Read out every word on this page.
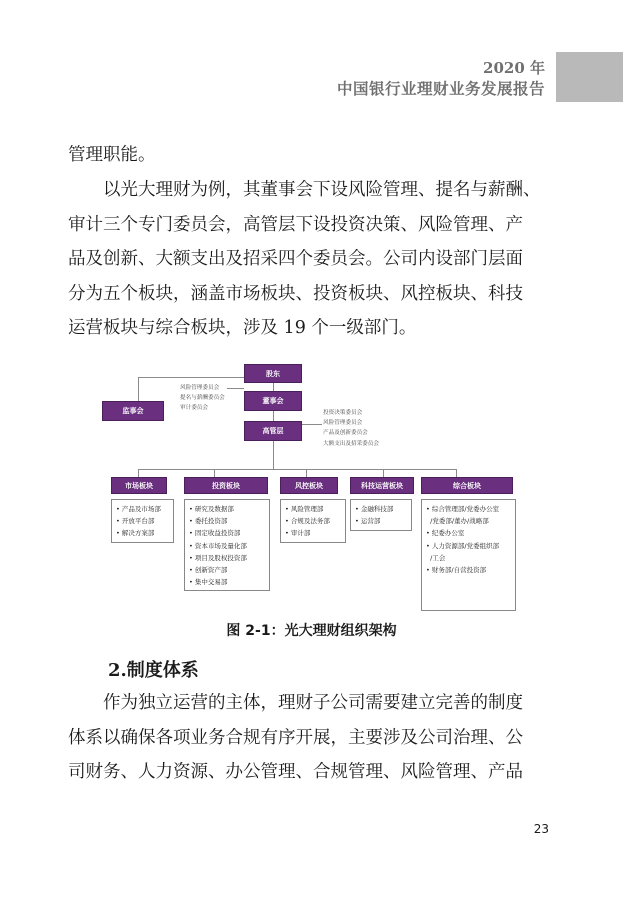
2020 年
中国银行业理财业务发展报告
管理职能。
以光大理财为例，其董事会下设风险管理、提名与薪酬、
审计三个专门委员会，高管层下设投资决策、风险管理、产
品及创新、大额支出及招采四个委员会。公司内设部门层面
分为五个板块，涵盖市场板块、投资板块、风控板块、科技
运营板块与综合板块，涉及 19 个一级部门。
股东
董事会
监事会
高管层
风险管理委员会
提名与薪酬委员会
审计委员会
投资决策委员会
风险管理委员会
产品及创新委员会
大额支出及招采委员会
市场板块
• 产品及市场部
• 开放平台部
• 解决方案部
投资板块
• 研究及数据部
• 委托投资部
• 固定收益投资部
• 资本市场及量化部
• 项目及股权投资部
• 创新资产部
• 集中交易部
风控板块
• 风险管理部
• 合规及法务部
• 审计部
科技运营板块
• 金融科技部
• 运营部
综合板块
• 综合管理部/党委办公室
/党委部/董办/战略部
• 纪委办公室
• 人力资源部/党委组织部
/工会
• 财务部/自营投资部
图 2-1：光大理财组织架构
2.制度体系
作为独立运营的主体，理财子公司需要建立完善的制度
体系以确保各项业务合规有序开展，主要涉及公司治理、公
司财务、人力资源、办公管理、合规管理、风险管理、产品
23
